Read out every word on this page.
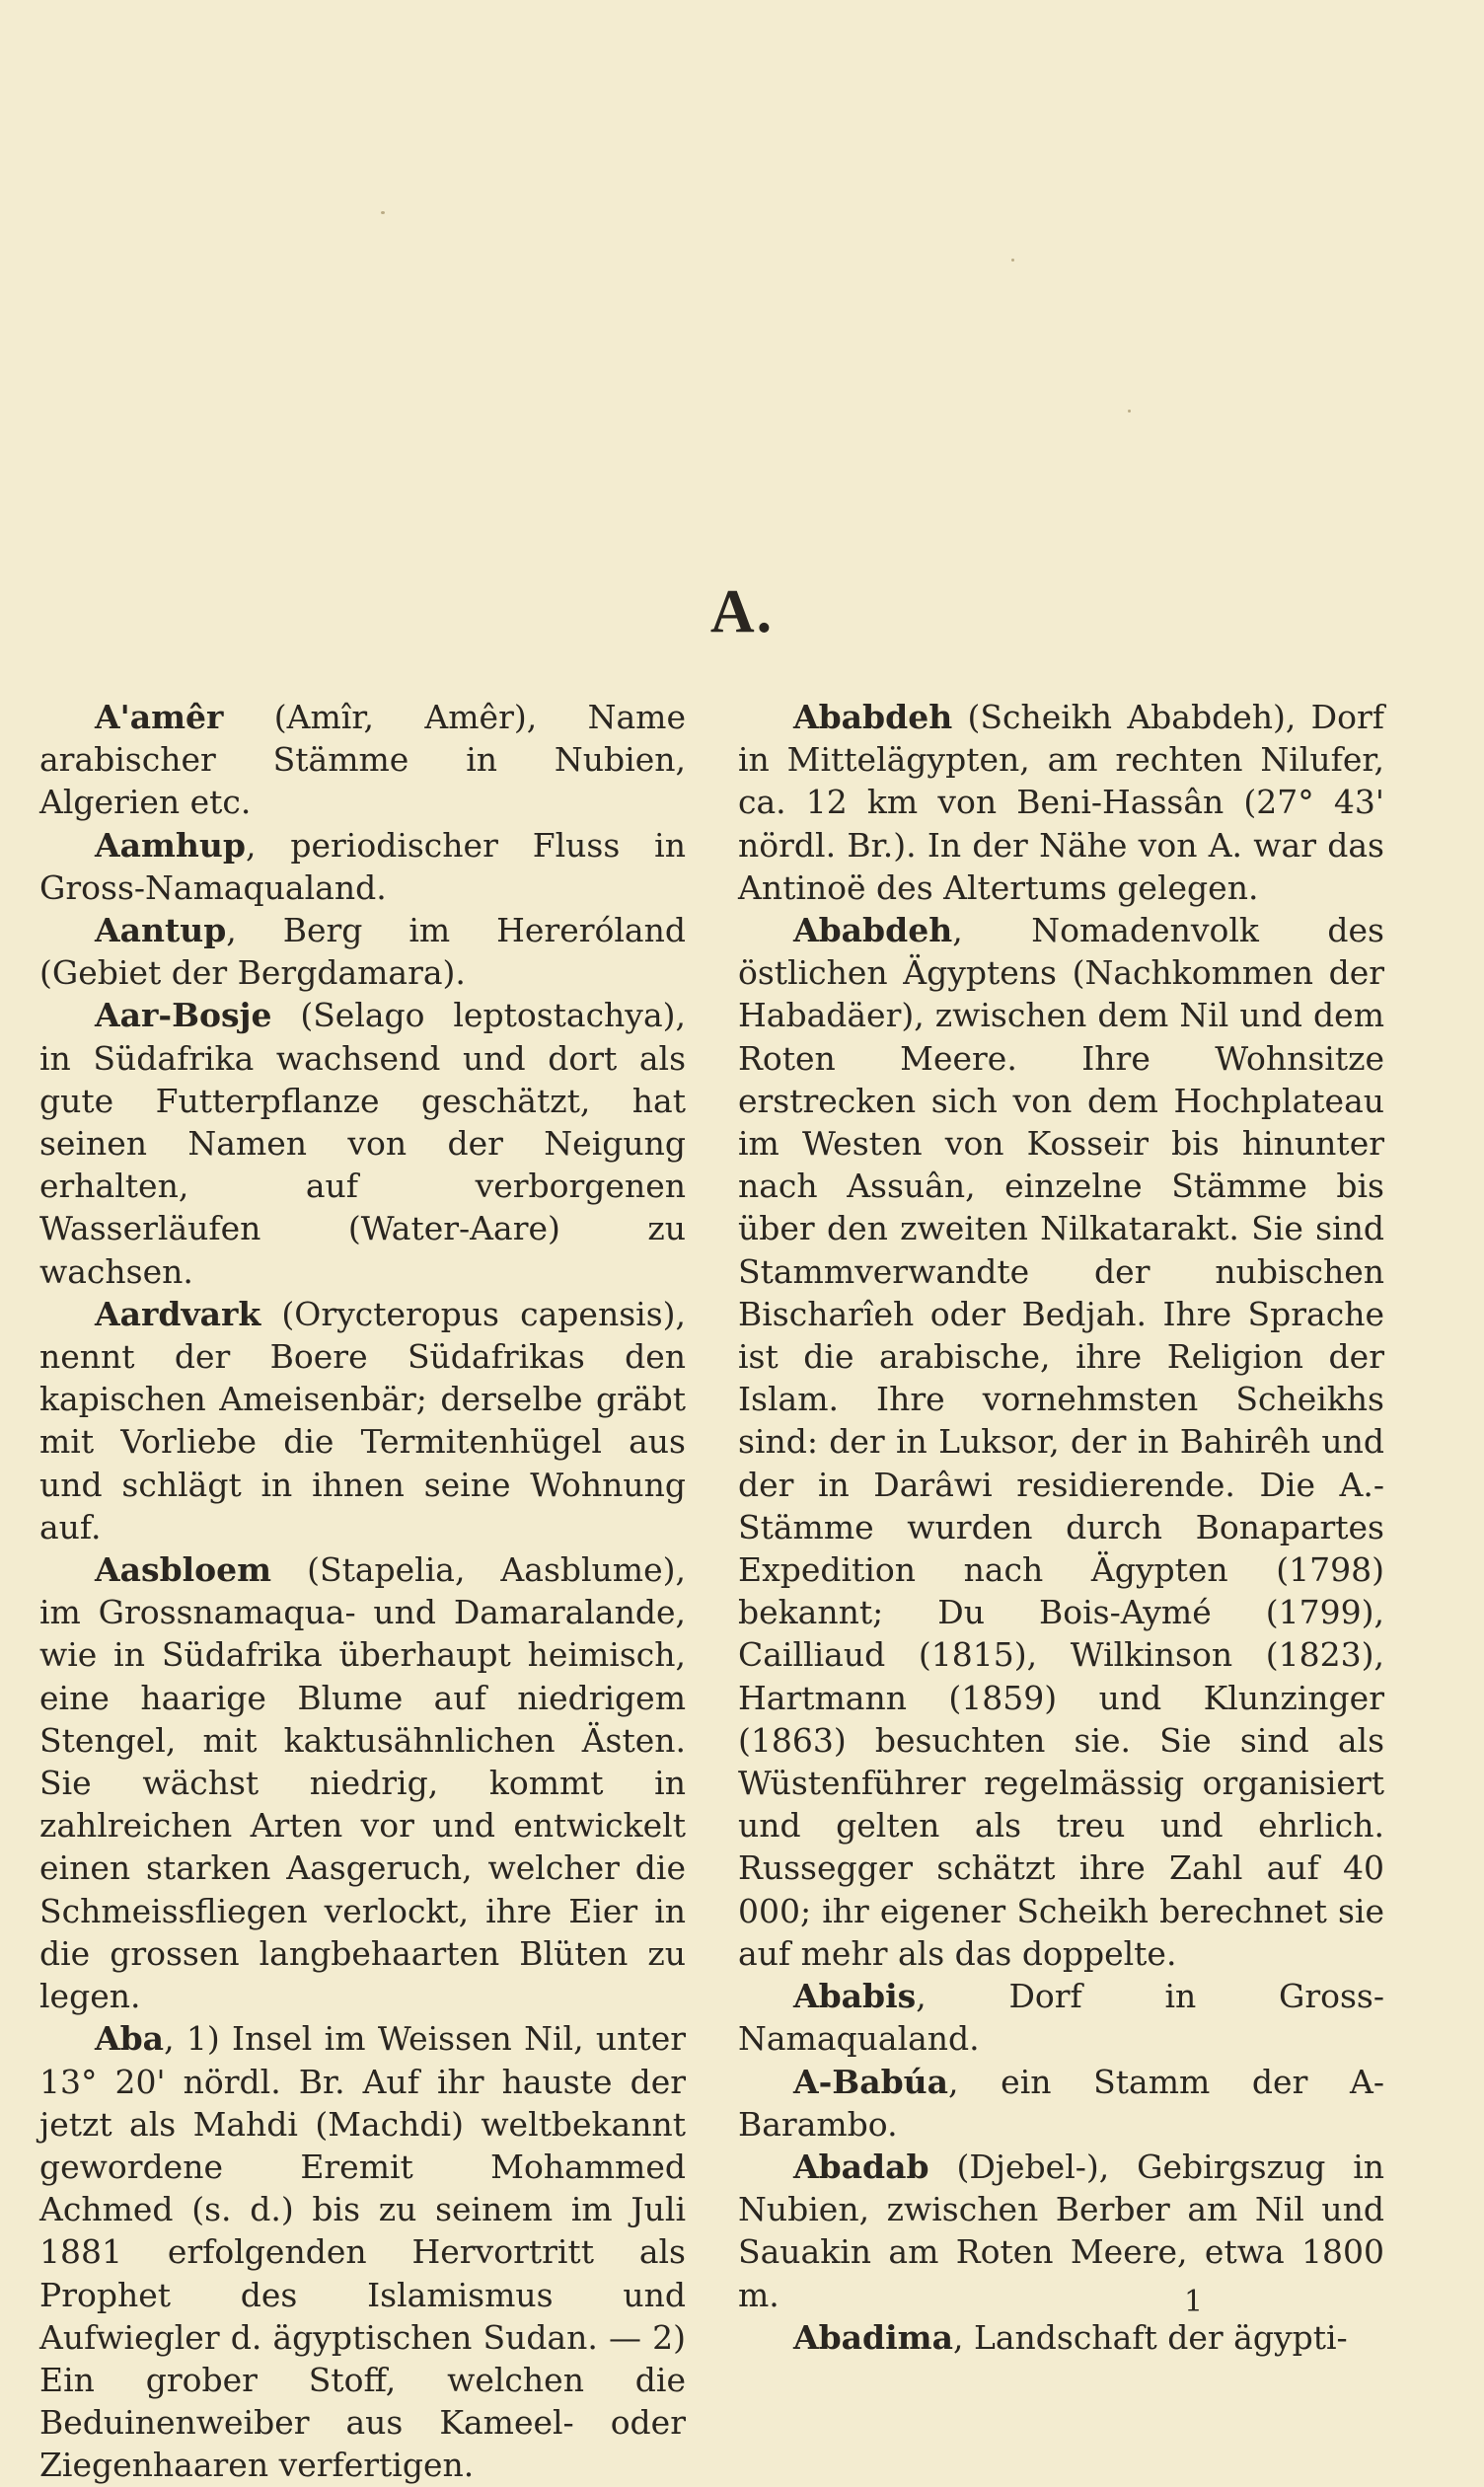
A.

A'amêr (Amîr, Amêr), Name arabischer Stämme in Nubien, Algerien etc.

Aamhup, periodischer Fluss in Gross-Namaqualand.

Aantup, Berg im Hereróland (Gebiet der Bergdamara).

Aar-Bosje (Selago leptostachya), in Südafrika wachsend und dort als gute Futterpflanze geschätzt, hat seinen Namen von der Neigung erhalten, auf verborgenen Wasserläufen (Water-Aare) zu wachsen.

Aardvark (Orycteropus capensis), nennt der Boere Südafrikas den kapischen Ameisenbär; derselbe gräbt mit Vorliebe die Termitenhügel aus und schlägt in ihnen seine Wohnung auf.

Aasbloem (Stapelia, Aasblume), im Grossnamaqua- und Damaralande, wie in Südafrika überhaupt heimisch, eine haarige Blume auf niedrigem Stengel, mit kaktusähnlichen Ästen. Sie wächst niedrig, kommt in zahlreichen Arten vor und entwickelt einen starken Aasgeruch, welcher die Schmeissfliegen verlockt, ihre Eier in die grossen langbehaarten Blüten zu legen.

Aba, 1) Insel im Weissen Nil, unter 13° 20' nördl. Br. Auf ihr hauste der jetzt als Mahdi (Machdi) weltbekannt gewordene Eremit Mohammed Achmed (s. d.) bis zu seinem im Juli 1881 erfolgenden Hervortritt als Prophet des Islamismus und Aufwiegler d. ägyptischen Sudan. — 2) Ein grober Stoff, welchen die Beduinenweiber aus Kameel- oder Ziegenhaaren verfertigen.

Ababdeh (Scheikh Ababdeh), Dorf in Mittelägypten, am rechten Nilufer, ca. 12 km von Beni-Hassân (27° 43' nördl. Br.). In der Nähe von A. war das Antinoë des Altertums gelegen.

Ababdeh, Nomadenvolk des östlichen Ägyptens (Nachkommen der Habadäer), zwischen dem Nil und dem Roten Meere. Ihre Wohnsitze erstrecken sich von dem Hochplateau im Westen von Kosseir bis hinunter nach Assuân, einzelne Stämme bis über den zweiten Nilkatarakt. Sie sind Stammverwandte der nubischen Bischarîeh oder Bedjah. Ihre Sprache ist die arabische, ihre Religion der Islam. Ihre vornehmsten Scheikhs sind: der in Luksor, der in Bahirêh und der in Darâwi residierende. Die A.-Stämme wurden durch Bonapartes Expedition nach Ägypten (1798) bekannt; Du Bois-Aymé (1799), Cailliaud (1815), Wilkinson (1823), Hartmann (1859) und Klunzinger (1863) besuchten sie. Sie sind als Wüstenführer regelmässig organisiert und gelten als treu und ehrlich. Russegger schätzt ihre Zahl auf 40 000; ihr eigener Scheikh berechnet sie auf mehr als das doppelte.

Ababis, Dorf in Gross-Namaqualand.

A-Babúa, ein Stamm der A-Barambo.

Abadab (Djebel-), Gebirgszug in Nubien, zwischen Berber am Nil und Sauakin am Roten Meere, etwa 1800 m.

Abadima, Landschaft der ägypti-

1
